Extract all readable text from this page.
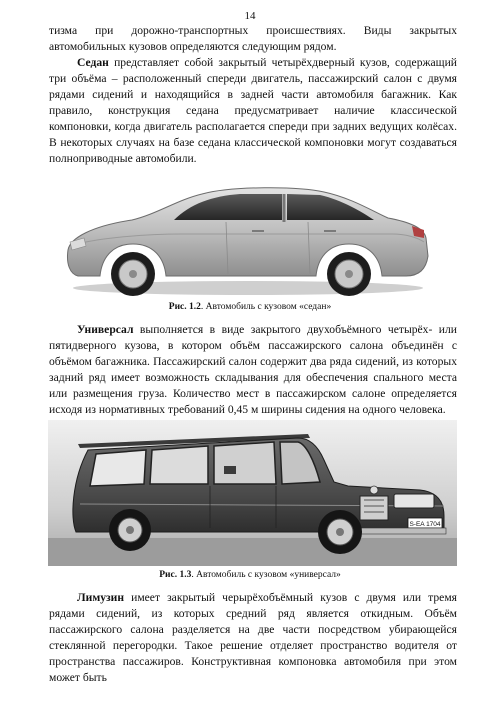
14

тизма при дорожно-транспортных происшествиях. Виды закрытых автомобильных кузовов определяются следующим рядом.

Седан представляет собой закрытый четырёхдверный кузов, содержащий три объёма – расположенный спереди двигатель, пассажирский салон с двумя рядами сидений и находящийся в задней части автомобиля багажник. Как правило, конструкция седана предусматривает наличие классической компоновки, когда двигатель располагается спереди при задних ведущих колёсах. В некоторых случаях на базе седана классической компоновки могут создаваться полноприводные автомобили.

Рис. 1.2. Автомобиль с кузовом «седан»

Универсал выполняется в виде закрытого двухобъёмного четырёх- или пятидверного кузова, в котором объём пассажирского салона объединён с объёмом багажника. Пассажирский салон содержит два ряда сидений, из которых задний ряд имеет возможность складывания для обеспечения спального места или размещения груза. Количество мест в пассажирском салоне определяется исходя из нормативных требований 0,45 м ширины сидения на одного человека.

S-EA 1704
Рис. 1.3. Автомобиль с кузовом «универсал»

Лимузин имеет закрытый черырёхобъёмный кузов с двумя или тремя рядами сидений, из которых средний ряд является откидным. Объём пассажирского салона разделяется на две части посредством убирающейся стеклянной перегородки. Такое решение отделяет пространство водителя от пространства пассажиров. Конструктивная компоновка автомобиля при этом может быть
